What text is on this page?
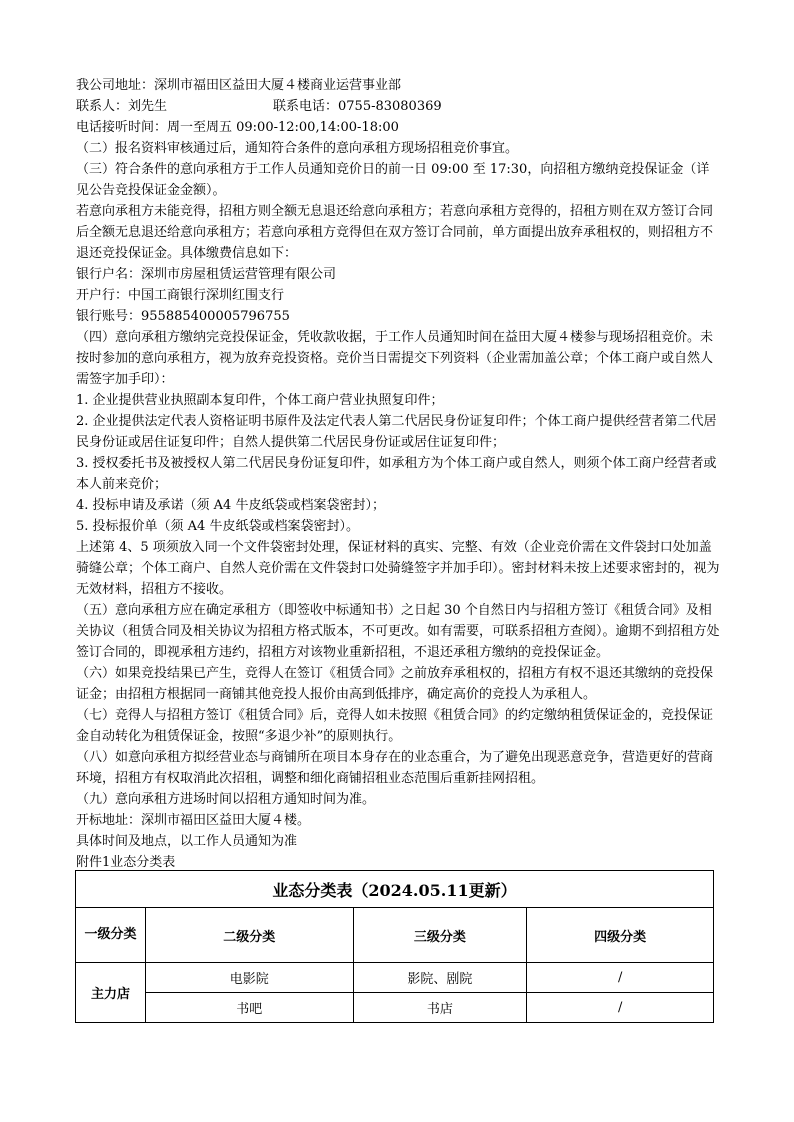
我公司地址：深圳市福田区益田大厦４楼商业运营事业部

联系人：刘先生	联系电话：0755-83080369

电话接听时间：周一至周五 09:00-12:00,14:00-18:00

（二）报名资料审核通过后，通知符合条件的意向承租方现场招租竞价事宜。

（三）符合条件的意向承租方于工作人员通知竞价日的前一日 09:00 至 17:30，向招租方缴纳竞投保证金（详见公告竞投保证金金额）。

若意向承租方未能竞得，招租方则全额无息退还给意向承租方；若意向承租方竞得的，招租方则在双方签订合同后全额无息退还给意向承租方；若意向承租方竞得但在双方签订合同前，单方面提出放弃承租权的，则招租方不退还竞投保证金。具体缴费信息如下：

银行户名：深圳市房屋租赁运营管理有限公司

开户行：中国工商银行深圳红围支行

银行账号：955885400005796755

（四）意向承租方缴纳完竞投保证金，凭收款收据，于工作人员通知时间在益田大厦４楼参与现场招租竞价。未按时参加的意向承租方，视为放弃竞投资格。竞价当日需提交下列资料（企业需加盖公章；个体工商户或自然人需签字加手印）：

1. 企业提供营业执照副本复印件，个体工商户营业执照复印件；

2. 企业提供法定代表人资格证明书原件及法定代表人第二代居民身份证复印件；个体工商户提供经营者第二代居民身份证或居住证复印件；自然人提供第二代居民身份证或居住证复印件；

3. 授权委托书及被授权人第二代居民身份证复印件，如承租方为个体工商户或自然人，则须个体工商户经营者或本人前来竞价；

4. 投标申请及承诺（须 A4 牛皮纸袋或档案袋密封）；

5. 投标报价单（须 A4 牛皮纸袋或档案袋密封）。

上述第 4、5 项须放入同一个文件袋密封处理，保证材料的真实、完整、有效（企业竞价需在文件袋封口处加盖骑缝公章；个体工商户、自然人竞价需在文件袋封口处骑缝签字并加手印）。密封材料未按上述要求密封的，视为无效材料，招租方不接收。

（五）意向承租方应在确定承租方（即签收中标通知书）之日起 30 个自然日内与招租方签订《租赁合同》及相关协议（租赁合同及相关协议为招租方格式版本，不可更改。如有需要，可联系招租方查阅）。逾期不到招租方处签订合同的，即视承租方违约，招租方对该物业重新招租，不退还承租方缴纳的竞投保证金。

（六）如果竞投结果已产生，竞得人在签订《租赁合同》之前放弃承租权的，招租方有权不退还其缴纳的竞投保证金；由招租方根据同一商铺其他竞投人报价由高到低排序，确定高价的竞投人为承租人。

（七）竞得人与招租方签订《租赁合同》后，竞得人如未按照《租赁合同》的约定缴纳租赁保证金的，竞投保证金自动转化为租赁保证金，按照“多退少补”的原则执行。

（八）如意向承租方拟经营业态与商铺所在项目本身存在的业态重合，为了避免出现恶意竞争，营造更好的营商环境，招租方有权取消此次招租，调整和细化商铺招租业态范围后重新挂网招租。

（九）意向承租方进场时间以招租方通知时间为准。

开标地址：深圳市福田区益田大厦４楼。

具体时间及地点，以工作人员通知为准

附件1业态分类表

业态分类表（2024.05.11更新）			
一级分类	二级分类	三级分类	四级分类
主力店	电影院	影院、剧院	/
	书吧	书店	/
